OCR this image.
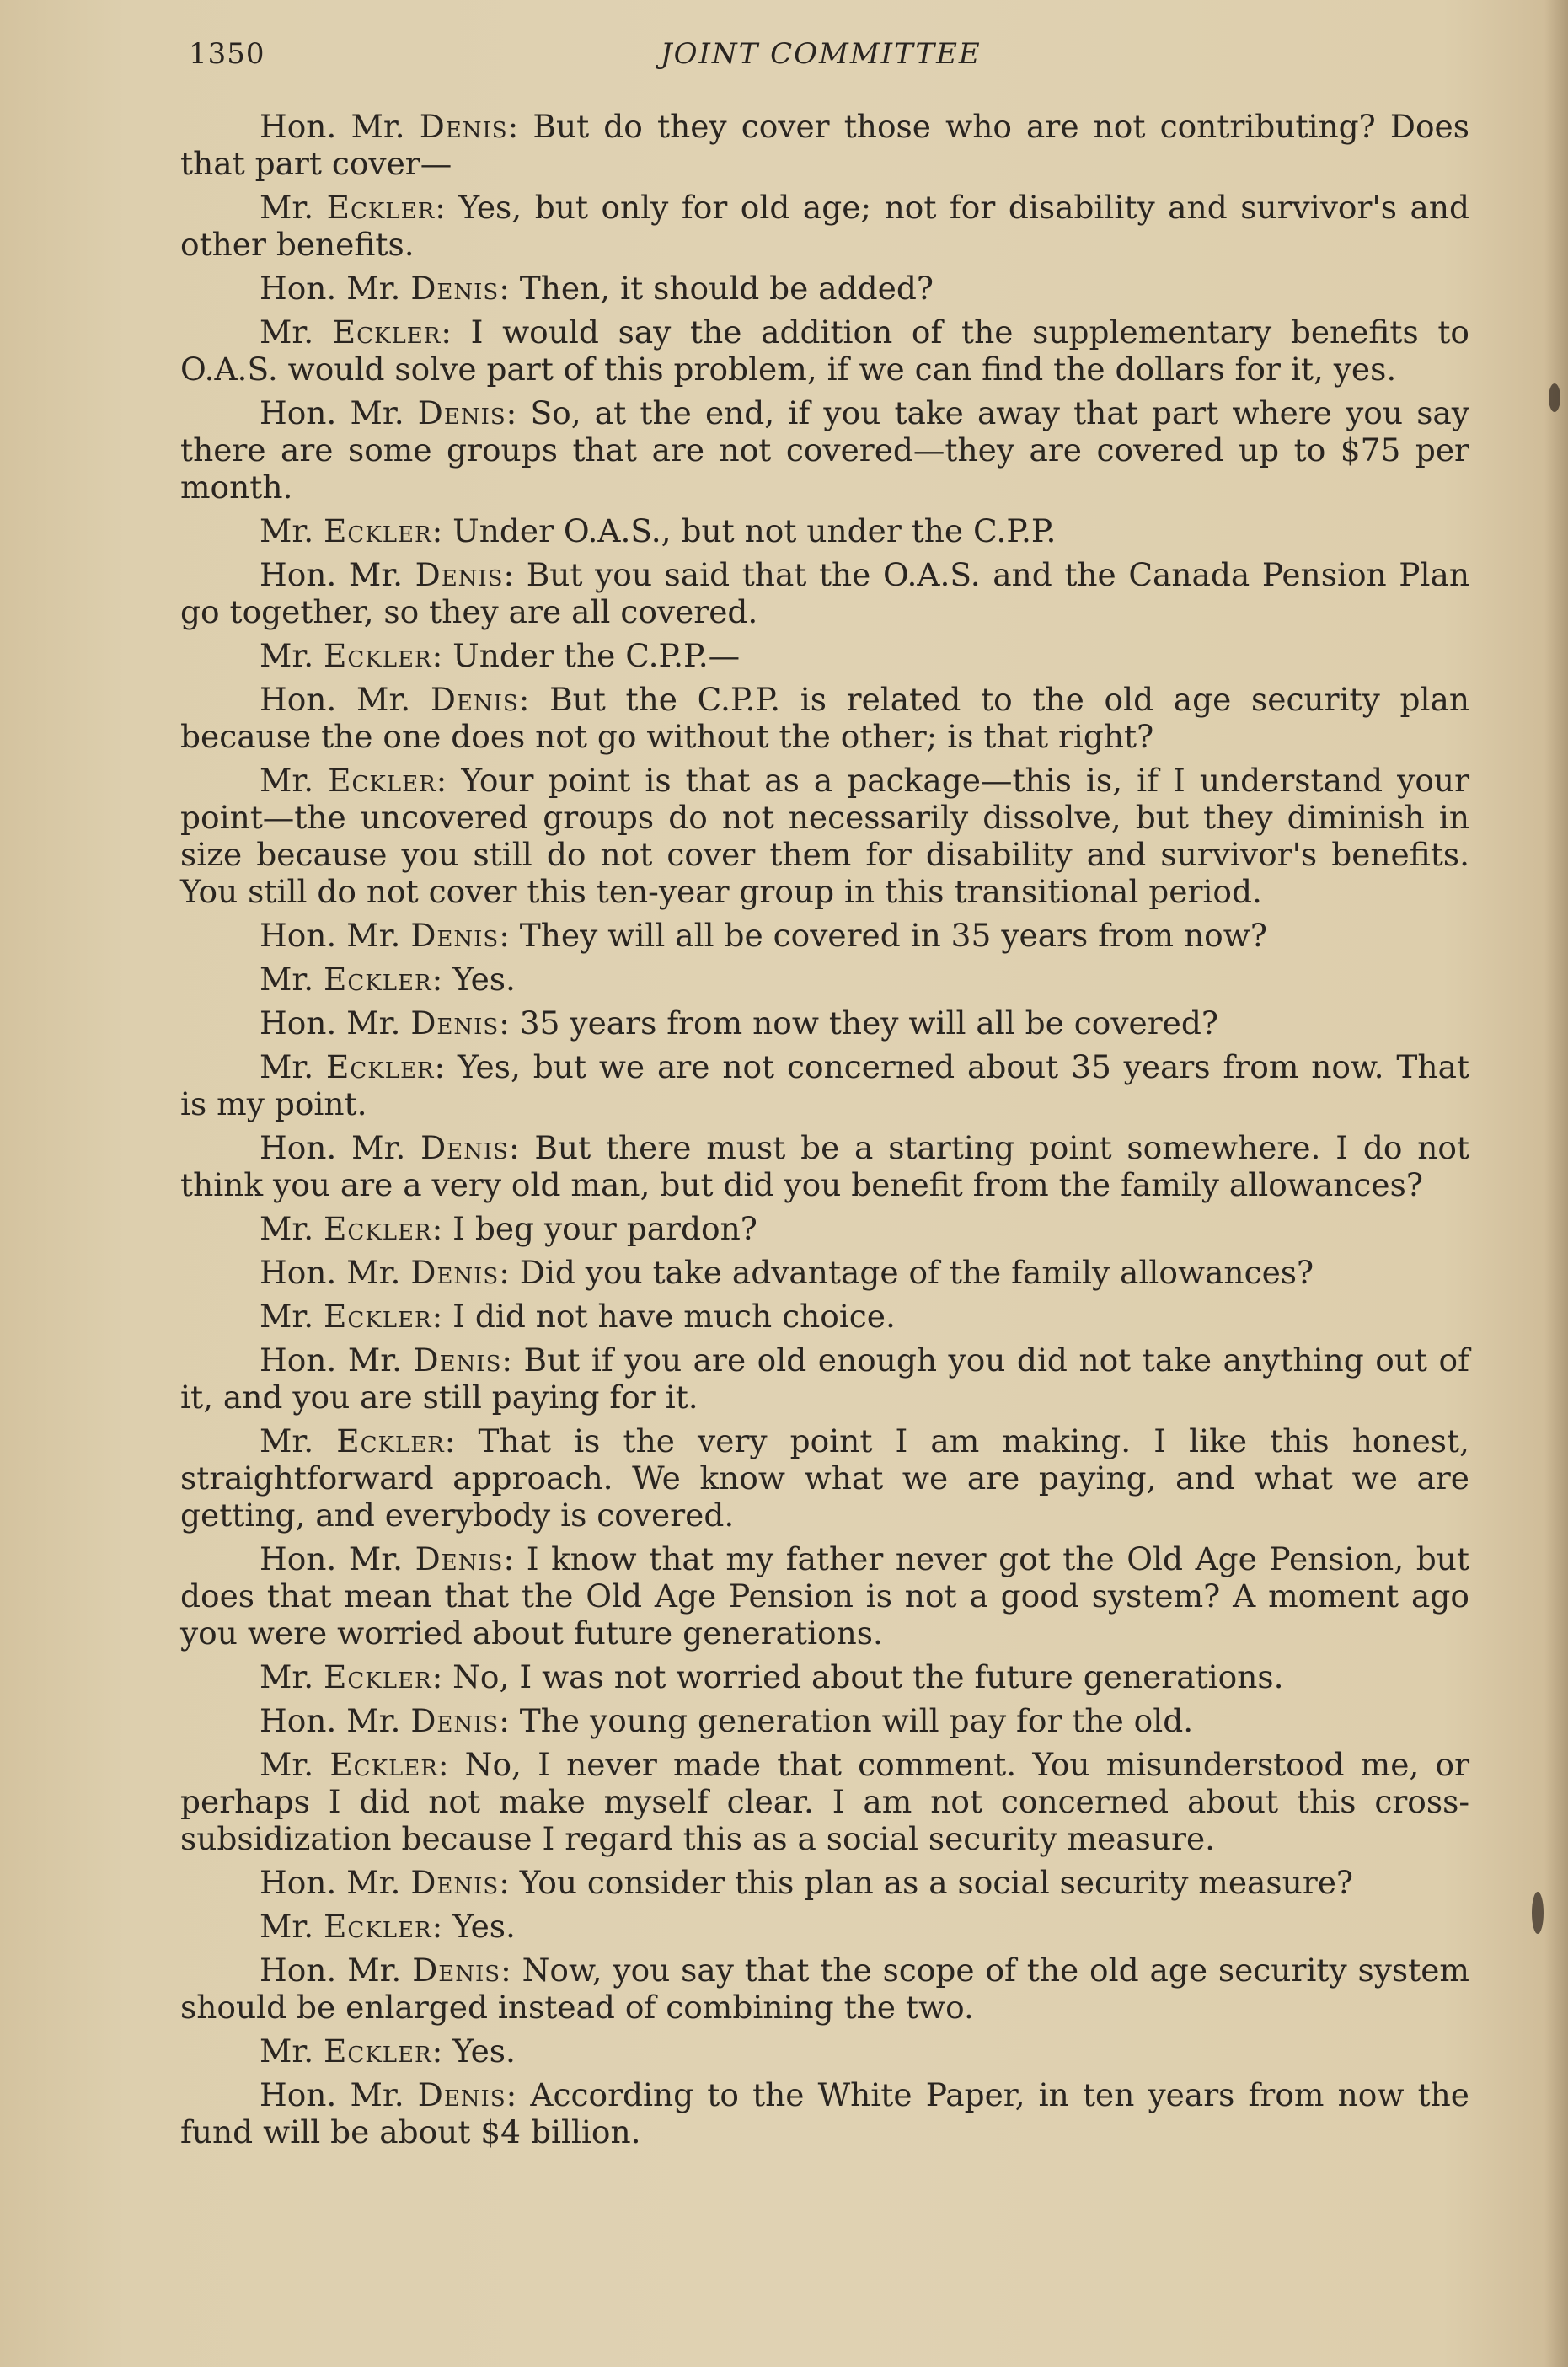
1350	JOINT COMMITTEE

Hon. Mr. Denis: But do they cover those who are not contributing? Does that part cover—

Mr. Eckler: Yes, but only for old age; not for disability and survivor's and other benefits.

Hon. Mr. Denis: Then, it should be added?

Mr. Eckler: I would say the addition of the supplementary benefits to O.A.S. would solve part of this problem, if we can find the dollars for it, yes.

Hon. Mr. Denis: So, at the end, if you take away that part where you say there are some groups that are not covered—they are covered up to $75 per month.

Mr. Eckler: Under O.A.S., but not under the C.P.P.

Hon. Mr. Denis: But you said that the O.A.S. and the Canada Pension Plan go together, so they are all covered.

Mr. Eckler: Under the C.P.P.—

Hon. Mr. Denis: But the C.P.P. is related to the old age security plan because the one does not go without the other; is that right?

Mr. Eckler: Your point is that as a package—this is, if I understand your point—the uncovered groups do not necessarily dissolve, but they diminish in size because you still do not cover them for disability and survivor's benefits. You still do not cover this ten-year group in this transitional period.

Hon. Mr. Denis: They will all be covered in 35 years from now?

Mr. Eckler: Yes.

Hon. Mr. Denis: 35 years from now they will all be covered?

Mr. Eckler: Yes, but we are not concerned about 35 years from now. That is my point.

Hon. Mr. Denis: But there must be a starting point somewhere. I do not think you are a very old man, but did you benefit from the family allowances?

Mr. Eckler: I beg your pardon?

Hon. Mr. Denis: Did you take advantage of the family allowances?

Mr. Eckler: I did not have much choice.

Hon. Mr. Denis: But if you are old enough you did not take anything out of it, and you are still paying for it.

Mr. Eckler: That is the very point I am making. I like this honest, straightforward approach. We know what we are paying, and what we are getting, and everybody is covered.

Hon. Mr. Denis: I know that my father never got the Old Age Pension, but does that mean that the Old Age Pension is not a good system? A moment ago you were worried about future generations.

Mr. Eckler: No, I was not worried about the future generations.

Hon. Mr. Denis: The young generation will pay for the old.

Mr. Eckler: No, I never made that comment. You misunderstood me, or perhaps I did not make myself clear. I am not concerned about this cross-subsidization because I regard this as a social security measure.

Hon. Mr. Denis: You consider this plan as a social security measure?

Mr. Eckler: Yes.

Hon. Mr. Denis: Now, you say that the scope of the old age security system should be enlarged instead of combining the two.

Mr. Eckler: Yes.

Hon. Mr. Denis: According to the White Paper, in ten years from now the fund will be about $4 billion.
